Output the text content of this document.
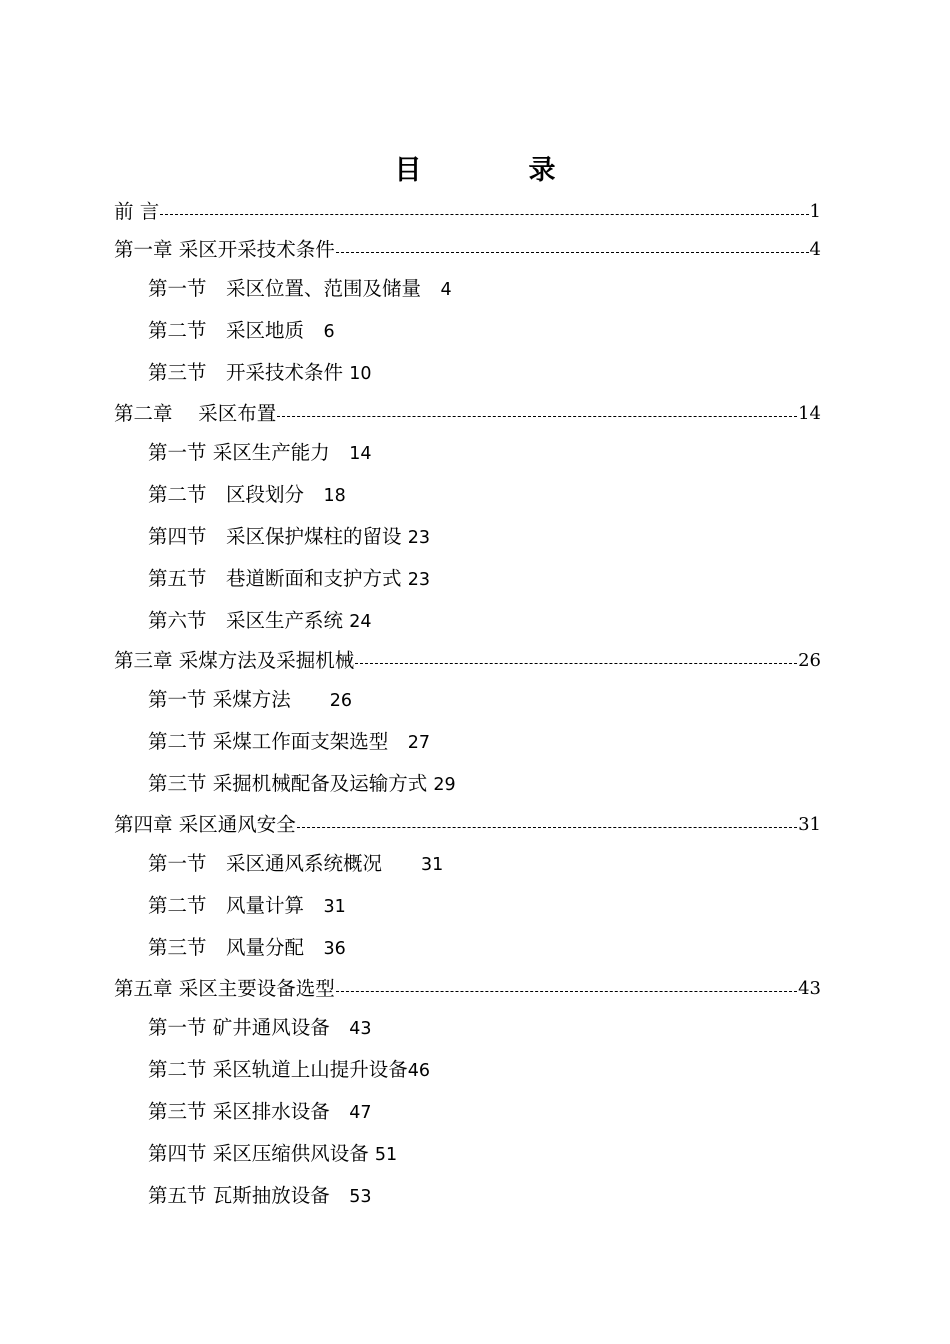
目　录
前 言	1
第一章 采区开采技术条件	4
第一节　采区位置、范围及储量　4
第二节　采区地质　6
第三节　开采技术条件 10
第二章　 采区布置	14
第一节 采区生产能力　14
第二节　区段划分　18
第四节　采区保护煤柱的留设 23
第五节　巷道断面和支护方式 23
第六节　采区生产系统 24
第三章 采煤方法及采掘机械	26
第一节 采煤方法　　26
第二节 采煤工作面支架选型　27
第三节 采掘机械配备及运输方式 29
第四章 采区通风安全	31
第一节　采区通风系统概况　　31
第二节　风量计算　31
第三节　风量分配　36
第五章 采区主要设备选型	43
第一节 矿井通风设备　43
第二节 采区轨道上山提升设备46
第三节 采区排水设备　47
第四节 采区压缩供风设备 51
第五节 瓦斯抽放设备　53
